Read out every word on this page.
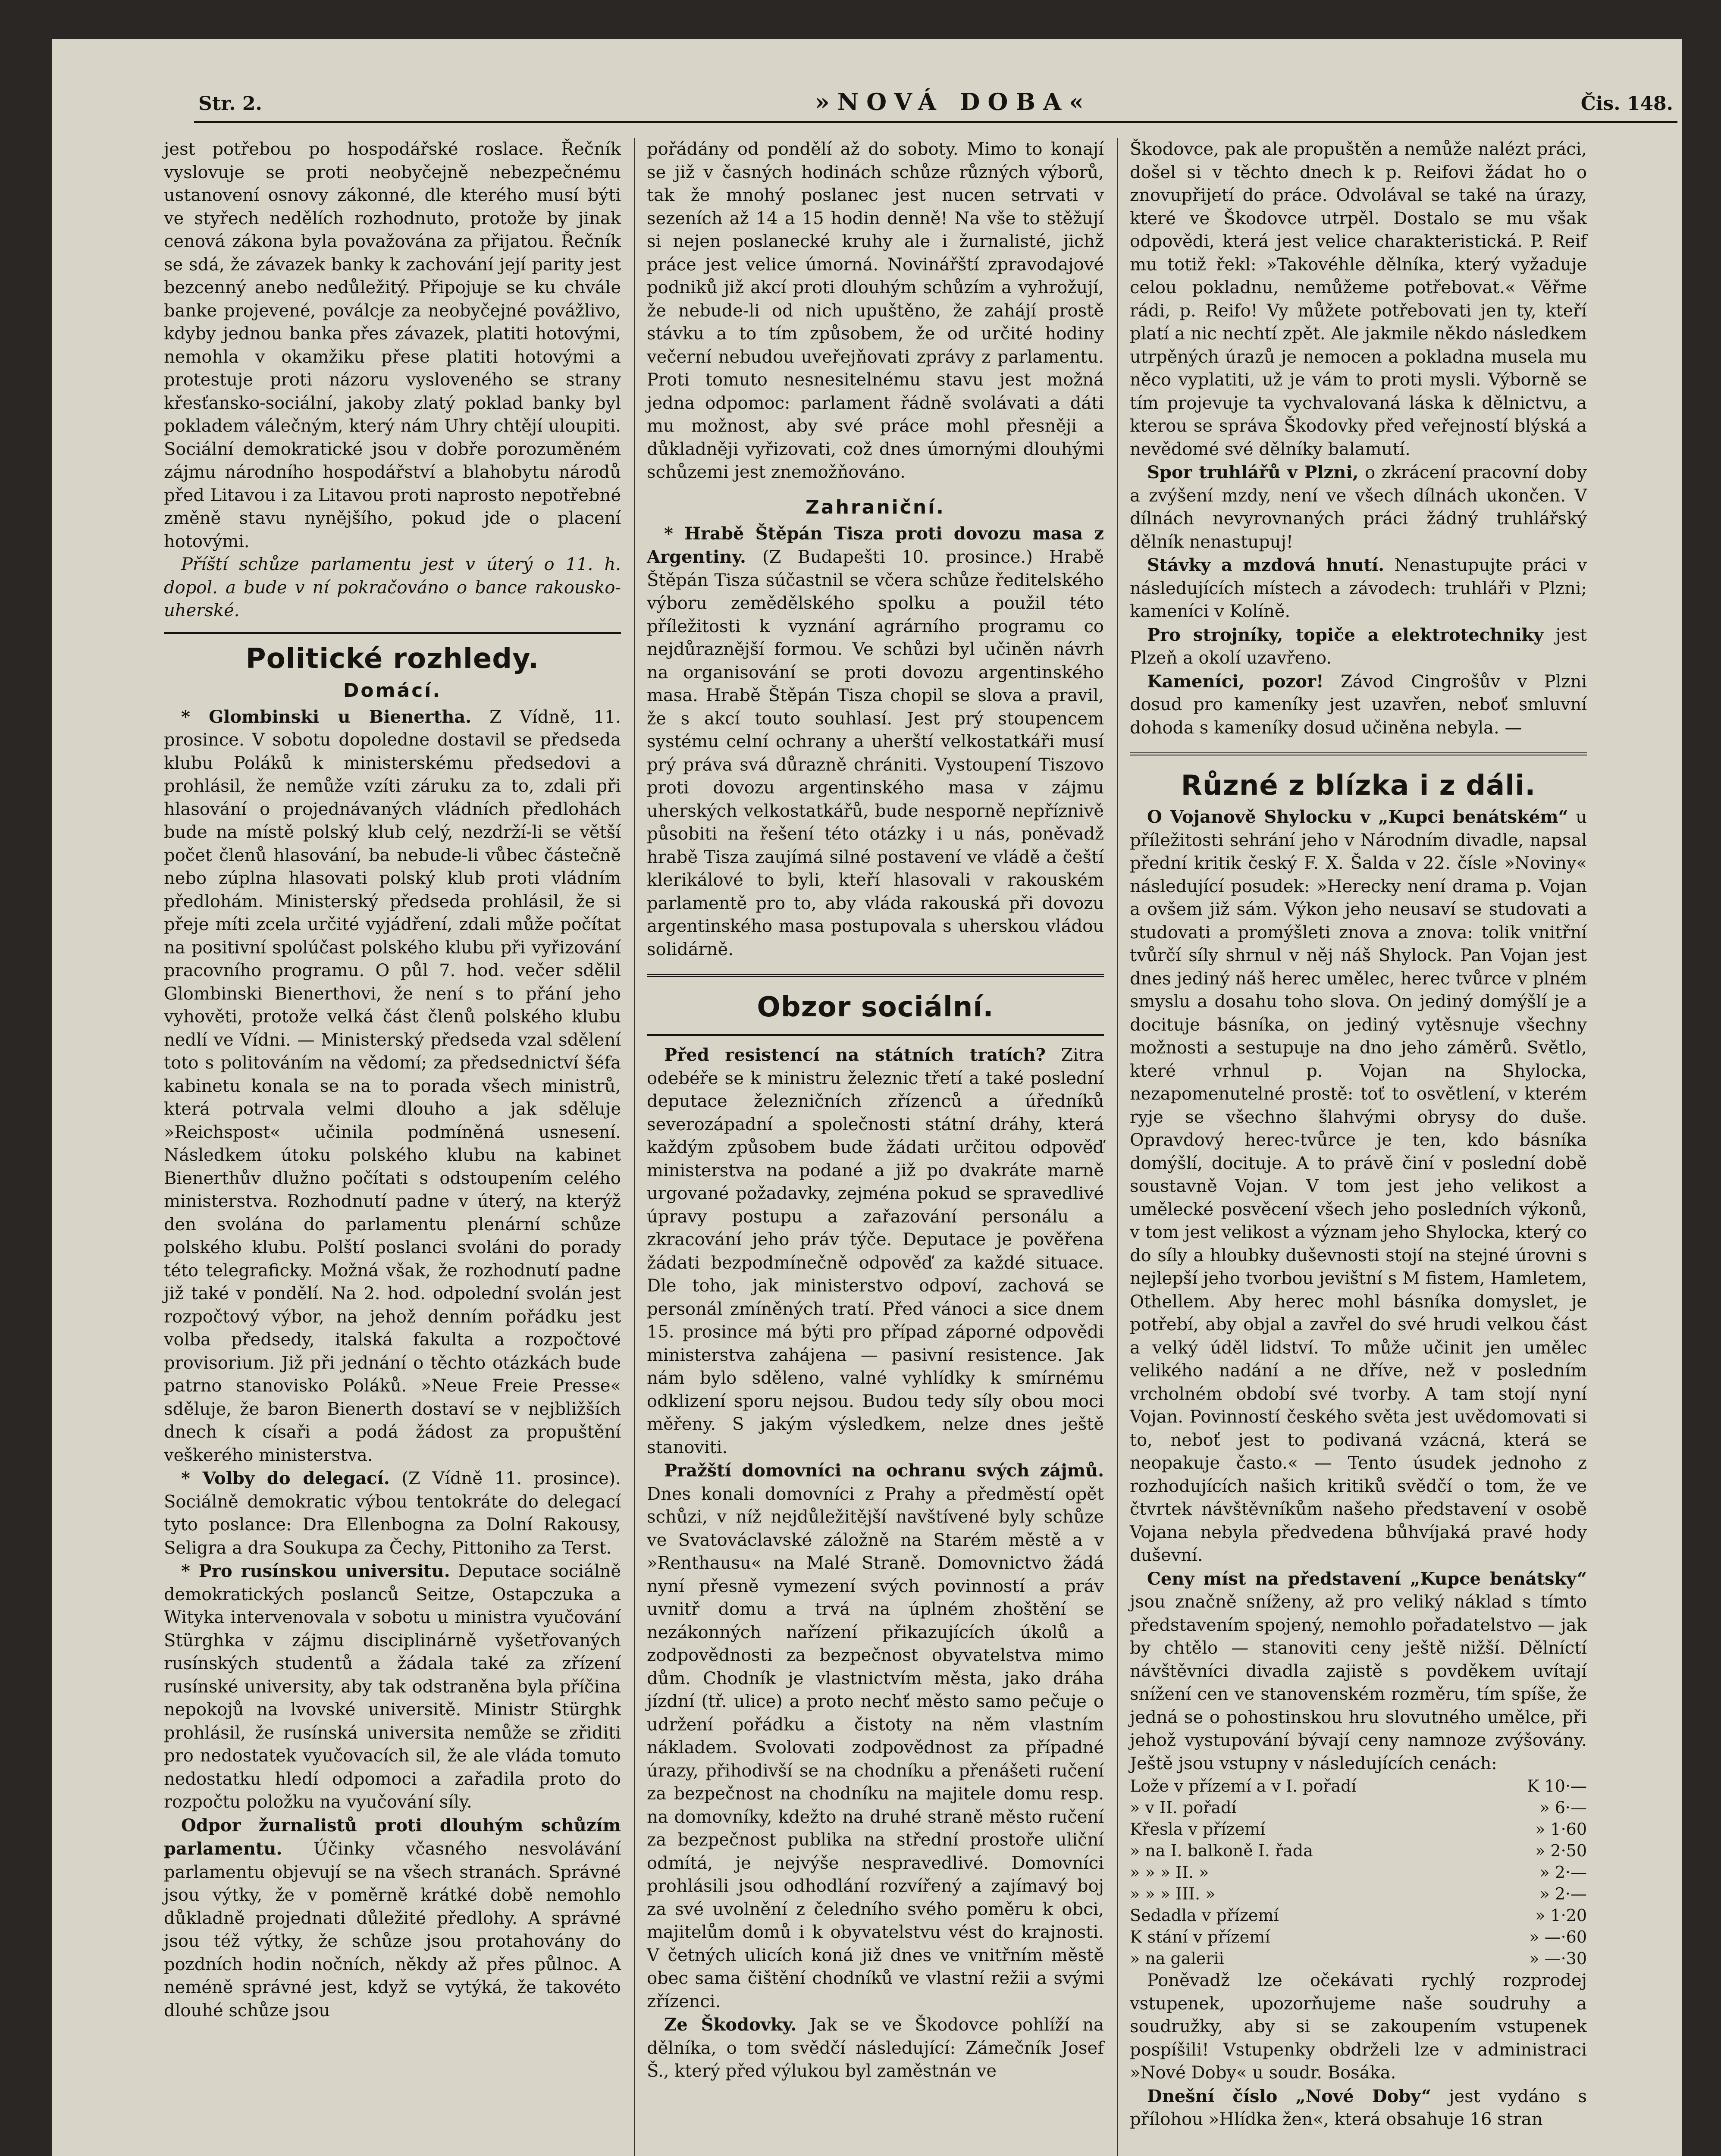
Str. 2.	»NOVÁ DOBA«	Čis. 148.

jest potřebou po hospodářské roslace. Řečník vyslovuje se proti neobyčejně nebezpečnému ustanovení osnovy zákonné, dle kterého musí býti ve styřech nedělích rozhodnuto, protože by jinak cenová zákona byla považována za přijatou. Řečník se sdá, že závazek banky k zachování její parity jest bezcenný anebo nedůležitý. Připojuje se ku chvále banke projevené, poválcje za neobyčejné povážlivo, kdyby jednou banka přes závazek, platiti hotovými, nemohla v okamžiku přese platiti hotovými a protestuje proti názoru vysloveného se strany křesťansko-sociální, jakoby zlatý poklad banky byl pokladem válečným, který nám Uhry chtějí uloupiti. Sociální demokratické jsou v dobře porozuměném zájmu národního hospodářství a blahobytu národů před Litavou i za Litavou proti naprosto nepotřebné změně stavu nynějšího, pokud jde o placení hotovými.

Příští schůze parlamentu jest v úterý o 11. h. dopol. a bude v ní pokračováno o bance rakousko-uherské.

Politické rozhledy.
Domácí.

* Glombinski u Bienertha. Z Vídně, 11. prosince. V sobotu dopoledne dostavil se předseda klubu Poláků k ministerskému předsedovi a prohlásil, že nemůže vzíti záruku za to, zdali při hlasování o projednávaných vládních předlohách bude na místě polský klub celý, nezdrží-li se větší počet členů hlasování, ba nebude-li vůbec částečně nebo zúplna hlasovati polský klub proti vládním předlohám. Ministerský předseda prohlásil, že si přeje míti zcela určité vyjádření, zdali může počítat na positivní spolúčast polského klubu při vyřizování pracovního programu. O půl 7. hod. večer sdělil Glombinski Bienerthovi, že není s to přání jeho vyhověti, protože velká část členů polského klubu nedlí ve Vídni. — Ministerský předseda vzal sdělení toto s politováním na vědomí; za předsednictví šéfa kabinetu konala se na to porada všech ministrů, která potrvala velmi dlouho a jak sděluje »Reichspost« učinila podmíněná usnesení. Následkem útoku polského klubu na kabinet Bienerthův dlužno počítati s odstoupením celého ministerstva. Rozhodnutí padne v úterý, na kterýž den svolána do parlamentu plenární schůze polského klubu. Polští poslanci svoláni do porady této telegraficky. Možná však, že rozhodnutí padne již také v pondělí. Na 2. hod. odpolední svolán jest rozpočtový výbor, na jehož denním pořádku jest volba předsedy, italská fakulta a rozpočtové provisorium. Již při jednání o těchto otázkách bude patrno stanovisko Poláků. »Neue Freie Presse« sděluje, že baron Bienerth dostaví se v nejbližších dnech k císaři a podá žádost za propuštění veškerého ministerstva.

* Volby do delegací. (Z Vídně 11. prosince). Sociálně demokratic výbou tentokráte do delegací tyto poslance: Dra Ellenbogna za Dolní Rakousy, Seligra a dra Soukupa za Čechy, Pittoniho za Terst.

* Pro rusínskou universitu. Deputace sociálně demokratických poslanců Seitze, Ostapczuka a Wityka intervenovala v sobotu u ministra vyučování Stürghka v zájmu disciplinárně vyšetřovaných rusínských studentů a žádala také za zřízení rusínské university, aby tak odstraněna byla příčina nepokojů na lvovské universitě. Ministr Stürghk prohlásil, že rusínská universita nemůže se zřiditi pro nedostatek vyučovacích sil, že ale vláda tomuto nedostatku hledí odpomoci a zařadila proto do rozpočtu položku na vyučování síly.

Odpor žurnalistů proti dlouhým schůzím parlamentu. Účinky včasného nesvolávání parlamentu objevují se na všech stranách. Správné jsou výtky, že v poměrně krátké době nemohlo důkladně projednati důležité předlohy. A správné jsou též výtky, že schůze jsou protahovány do pozdních hodin nočních, někdy až přes půlnoc. A neméně správné jest, když se vytýká, že takovéto dlouhé schůze jsou

pořádány od pondělí až do soboty. Mimo to konají se již v časných hodinách schůze různých výborů, tak že mnohý poslanec jest nucen setrvati v sezeních až 14 a 15 hodin denně! Na vše to stěžují si nejen poslanecké kruhy ale i žurnalisté, jichž práce jest velice úmorná. Novinářští zpravodajové podniků již akcí proti dlouhým schůzím a vyhrožují, že nebude-li od nich upuštěno, že zahájí prostě stávku a to tím způsobem, že od určité hodiny večerní nebudou uveřejňovati zprávy z parlamentu. Proti tomuto nesnesitelnému stavu jest možná jedna odpomoc: parlament řádně svolávati a dáti mu možnost, aby své práce mohl přesněji a důkladněji vyřizovati, což dnes úmornými dlouhými schůzemi jest znemožňováno.

Zahraniční.

* Hrabě Štěpán Tisza proti dovozu masa z Argentiny. (Z Budapešti 10. prosince.) Hrabě Štěpán Tisza súčastnil se včera schůze ředitelského výboru zemědělského spolku a použil této příležitosti k vyznání agrárního programu co nejdůraznější formou. Ve schůzi byl učiněn návrh na organisování se proti dovozu argentinského masa. Hrabě Štěpán Tisza chopil se slova a pravil, že s akcí touto souhlasí. Jest prý stoupencem systému celní ochrany a uherští velkostatkáři musí prý práva svá důrazně chrániti. Vystoupení Tiszovo proti dovozu argentinského masa v zájmu uherských velkostatkářů, bude nesporně nepříznivě působiti na řešení této otázky i u nás, poněvadž hrabě Tisza zaujímá silné postavení ve vládě a čeští klerikálové to byli, kteří hlasovali v rakouském parlamentě pro to, aby vláda rakouská při dovozu argentinského masa postupovala s uherskou vládou solidárně.

Obzor sociální.

Před resistencí na státních tratích? Zitra odebéře se k ministru železnic třetí a také poslední deputace železničních zřízenců a úředníků severozápadní a společnosti státní dráhy, která každým způsobem bude žádati určitou odpověď ministerstva na podané a již po dvakráte marně urgované požadavky, zejména pokud se spravedlivé úpravy postupu a zařazování personálu a zkracování jeho práv týče. Deputace je pověřena žádati bezpodmínečně odpověď za každé situace. Dle toho, jak ministerstvo odpoví, zachová se personál zmíněných tratí. Před vánoci a sice dnem 15. prosince má býti pro případ záporné odpovědi ministerstva zahájena — pasivní resistence. Jak nám bylo sděleno, valné vyhlídky k smírnému odklizení sporu nejsou. Budou tedy síly obou moci měřeny. S jakým výsledkem, nelze dnes ještě stanoviti.

Pražští domovníci na ochranu svých zájmů. Dnes konali domovníci z Prahy a předměstí opět schůzi, v níž nejdůležitější navštívené byly schůze ve Svatováclavské záložně na Starém městě a v »Renthausu« na Malé Straně. Domovnictvo žádá nyní přesně vymezení svých povinností a práv uvnitř domu a trvá na úplném zhoštění se nezákonných nařízení přikazujících úkolů a zodpovědnosti za bezpečnost obyvatelstva mimo dům. Chodník je vlastnictvím města, jako dráha jízdní (tř. ulice) a proto nechť město samo pečuje o udržení pořádku a čistoty na něm vlastním nákladem. Svolovati zodpovědnost za případné úrazy, přihodivší se na chodníku a přenášeti ručení za bezpečnost na chodníku na majitele domu resp. na domovníky, kdežto na druhé straně město ručení za bezpečnost publika na střední prostoře uliční odmítá, je nejvýše nespravedlivé. Domovníci prohlásili jsou odhodlání rozvířený a zajímavý boj za své uvolnění z čeledního svého poměru k obci, majitelům domů i k obyvatelstvu vést do krajnosti. V četných ulicích koná již dnes ve vnitřním městě obec sama čištění chodníků ve vlastní režii a svými zřízenci.

Ze Škodovky. Jak se ve Škodovce pohlíží na dělníka, o tom svědčí následující: Zámečník Josef Š., který před výlukou byl zaměstnán ve

Škodovce, pak ale propuštěn a nemůže nalézt práci, došel si v těchto dnech k p. Reifovi žádat ho o znovupřijetí do práce. Odvolával se také na úrazy, které ve Škodovce utrpěl. Dostalo se mu však odpovědi, která jest velice charakteristická. P. Reif mu totiž řekl: »Takovéhle dělníka, který vyžaduje celou pokladnu, nemůžeme potřebovat.« Věřme rádi, p. Reifo! Vy můžete potřebovati jen ty, kteří platí a nic nechtí zpět. Ale jakmile někdo následkem utrpěných úrazů je nemocen a pokladna musela mu něco vyplatiti, už je vám to proti mysli. Výborně se tím projevuje ta vychvalovaná láska k dělnictvu, a kterou se správa Škodovky před veřejností blýská a nevědomé své dělníky balamutí.

Spor truhlářů v Plzni, o zkrácení pracovní doby a zvýšení mzdy, není ve všech dílnách ukončen. V dílnách nevyrovnaných práci žádný truhlářský dělník nenastupuj!

Stávky a mzdová hnutí. Nenastupujte práci v následujících místech a závodech: truhláři v Plzni; kameníci v Kolíně.

Pro strojníky, topiče a elektrotechniky jest Plzeň a okolí uzavřeno.

Kameníci, pozor! Závod Cingrošův v Plzni dosud pro kameníky jest uzavřen, neboť smluvní dohoda s kameníky dosud učiněna nebyla. —

Různé z blízka i z dáli.

O Vojanově Shylocku v „Kupci benátském“ u příležitosti sehrání jeho v Národním divadle, napsal přední kritik český F. X. Šalda v 22. čísle »Noviny« následující posudek: »Herecky není drama p. Vojan a ovšem již sám. Výkon jeho neusaví se studovati a studovati a promýšleti znova a znova: tolik vnitřní tvůrčí síly shrnul v něj náš Shylock. Pan Vojan jest dnes jediný náš herec umělec, herec tvůrce v plném smyslu a dosahu toho slova. On jediný domýšlí je a docituje básníka, on jediný vytěsnuje všechny možnosti a sestupuje na dno jeho záměrů. Světlo, které vrhnul p. Vojan na Shylocka, nezapomenutelné prostě: toť to osvětlení, v kterém ryje se všechno šlahvými obrysy do duše. Opravdový herec-tvůrce je ten, kdo básníka domýšlí, docituje. A to právě činí v poslední době soustavně Vojan. V tom jest jeho velikost a umělecké posvěcení všech jeho posledních výkonů, v tom jest velikost a význam jeho Shylocka, který co do síly a hloubky duševnosti stojí na stejné úrovni s nejlepší jeho tvorbou jevištní s M fistem, Hamletem, Othellem. Aby herec mohl básníka domyslet, je potřebí, aby objal a zavřel do své hrudi velkou část a velký úděl lidství. To může učinit jen umělec velikého nadání a ne dříve, než v posledním vrcholném období své tvorby. A tam stojí nyní Vojan. Povinností českého světa jest uvědomovati si to, neboť jest to podivaná vzácná, která se neopakuje často.« — Tento úsudek jednoho z rozhodujících našich kritiků svědčí o tom, že ve čtvrtek návštěvníkům našeho představení v osobě Vojana nebyla předvedena bůhvíjaká pravé hody duševní.

Ceny míst na představení „Kupce benátsky“ jsou značně sníženy, až pro veliký náklad s tímto představením spojený, nemohlo pořadatelstvo — jak by chtělo — stanoviti ceny ještě nižší. Dělníctí návštěvníci divadla zajistě s povděkem uvítají snížení cen ve stanovenském rozměru, tím spíše, že jedná se o pohostinskou hru slovutného umělce, při jehož vystupování bývají ceny namnoze zvýšovány. Ještě jsou vstupny v následujících cenách:

Lože v přízemí a v I. pořadí	K 10·—
» v II. pořadí	» 6·—
Křesla v přízemí	» 1·60
» na I. balkoně I. řada	» 2·50
» » » II. »	» 2·—
» » » III. »	» 2·—
Sedadla v přízemí	» 1·20
K stání v přízemí	» —·60
» na galerii	» —·30

Poněvadž lze očekávati rychlý rozprodej vstupenek, upozorňujeme naše soudruhy a soudružky, aby si se zakoupením vstupenek pospíšili! Vstupenky obdrželi lze v administraci »Nové Doby« u soudr. Bosáka.

Dnešní číslo „Nové Doby“ jest vydáno s přílohou »Hlídka žen«, která obsahuje 16 stran
